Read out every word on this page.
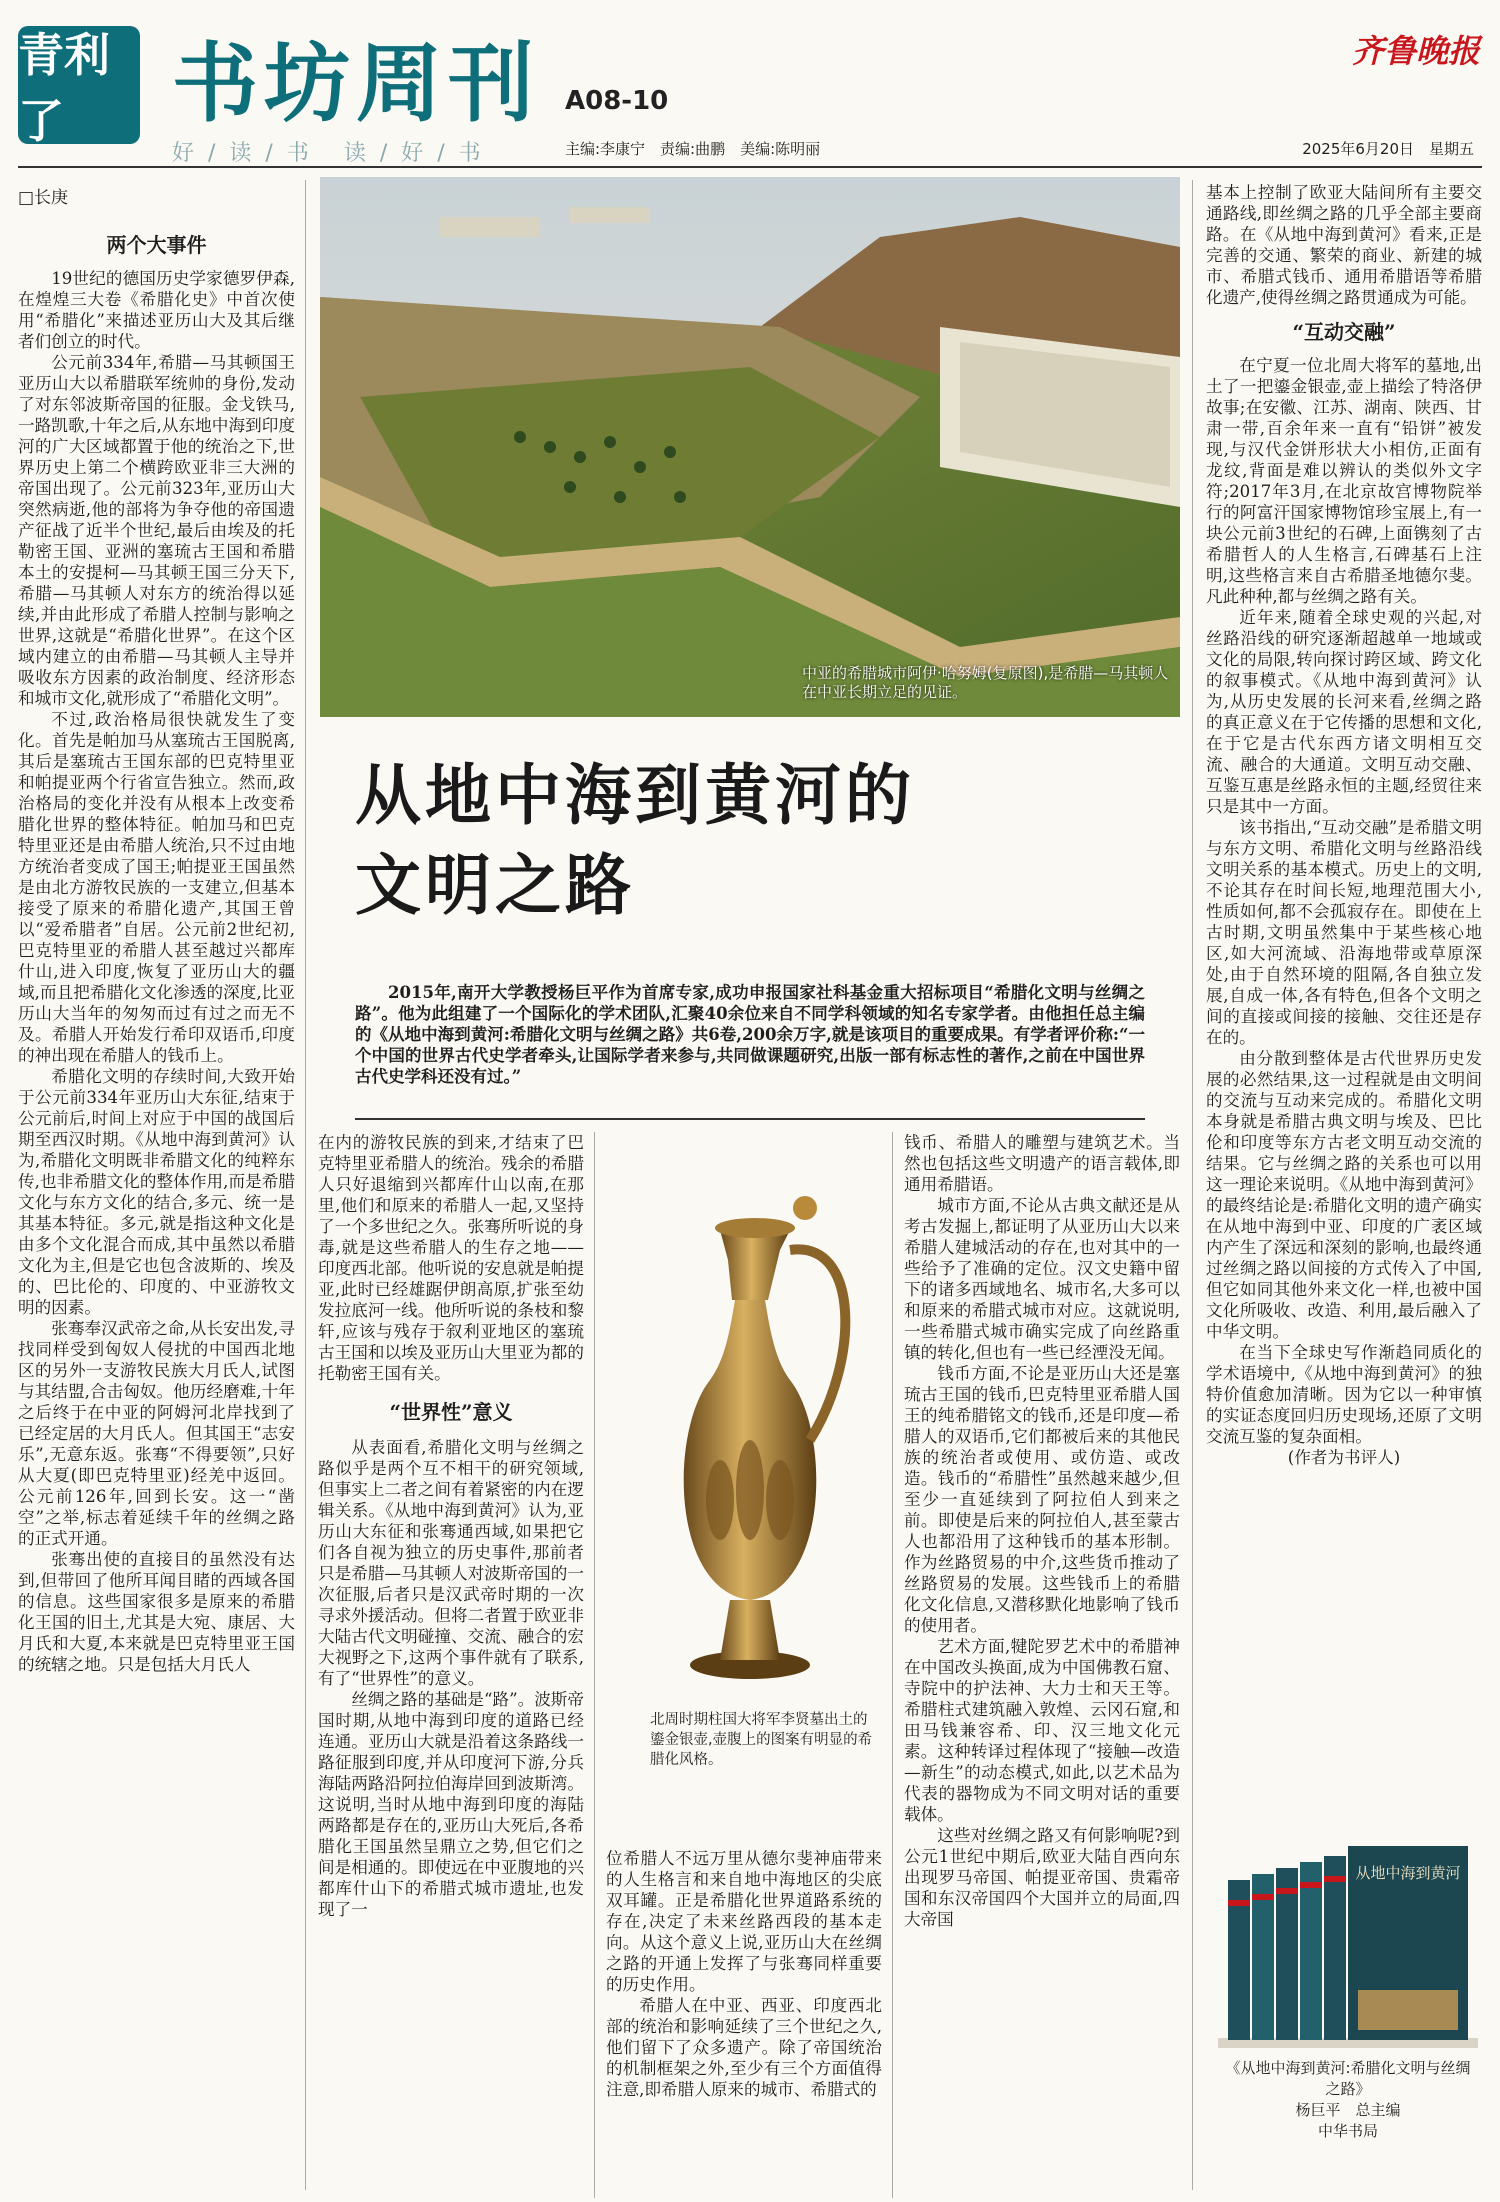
青利了	书坊周刊 A08-10
好/读/书 读/好/书	主编:李康宁　责编:曲鹏　美编:陈明丽
齐鲁晚报
2025年6月20日　星期五

□长庚

两个大事件

19世纪的德国历史学家德罗伊森,在煌煌三大卷《希腊化史》中首次使用“希腊化”来描述亚历山大及其后继者们创立的时代。

公元前334年,希腊—马其顿国王亚历山大以希腊联军统帅的身份,发动了对东邻波斯帝国的征服。金戈铁马,一路凯歌,十年之后,从东地中海到印度河的广大区域都置于他的统治之下,世界历史上第二个横跨欧亚非三大洲的帝国出现了。公元前323年,亚历山大突然病逝,他的部将为争夺他的帝国遗产征战了近半个世纪,最后由埃及的托勒密王国、亚洲的塞琉古王国和希腊本土的安提柯—马其顿王国三分天下,希腊—马其顿人对东方的统治得以延续,并由此形成了希腊人控制与影响之世界,这就是“希腊化世界”。在这个区域内建立的由希腊—马其顿人主导并吸收东方因素的政治制度、经济形态和城市文化,就形成了“希腊化文明”。

不过,政治格局很快就发生了变化。首先是帕加马从塞琉古王国脱离,其后是塞琉古王国东部的巴克特里亚和帕提亚两个行省宣告独立。然而,政治格局的变化并没有从根本上改变希腊化世界的整体特征。帕加马和巴克特里亚还是由希腊人统治,只不过由地方统治者变成了国王;帕提亚王国虽然是由北方游牧民族的一支建立,但基本接受了原来的希腊化遗产,其国王曾以“爱希腊者”自居。公元前2世纪初,巴克特里亚的希腊人甚至越过兴都库什山,进入印度,恢复了亚历山大的疆域,而且把希腊化文化渗透的深度,比亚历山大当年的匆匆而过有过之而无不及。希腊人开始发行希印双语币,印度的神出现在希腊人的钱币上。

希腊化文明的存续时间,大致开始于公元前334年亚历山大东征,结束于公元前后,时间上对应于中国的战国后期至西汉时期。《从地中海到黄河》认为,希腊化文明既非希腊文化的纯粹东传,也非希腊文化的整体作用,而是希腊文化与东方文化的结合,多元、统一是其基本特征。多元,就是指这种文化是由多个文化混合而成,其中虽然以希腊文化为主,但是它也包含波斯的、埃及的、巴比伦的、印度的、中亚游牧文明的因素。

张骞奉汉武帝之命,从长安出发,寻找同样受到匈奴人侵扰的中国西北地区的另外一支游牧民族大月氏人,试图与其结盟,合击匈奴。他历经磨难,十年之后终于在中亚的阿姆河北岸找到了已经定居的大月氏人。但其国王“志安乐”,无意东返。张骞“不得要领”,只好从大夏(即巴克特里亚)经羌中返回。公元前126年,回到长安。这一“凿空”之举,标志着延续千年的丝绸之路的正式开通。

张骞出使的直接目的虽然没有达到,但带回了他所耳闻目睹的西域各国的信息。这些国家很多是原来的希腊化王国的旧土,尤其是大宛、康居、大月氏和大夏,本来就是巴克特里亚王国的统辖之地。只是包括大月氏人

中亚的希腊城市阿伊·哈努姆(复原图),是希腊—马其顿人在中亚长期立足的见证。
从地中海到黄河的
文明之路

2015年,南开大学教授杨巨平作为首席专家,成功申报国家社科基金重大招标项目“希腊化文明与丝绸之路”。他为此组建了一个国际化的学术团队,汇聚40余位来自不同学科领域的知名专家学者。由他担任总主编的《从地中海到黄河:希腊化文明与丝绸之路》共6卷,200余万字,就是该项目的重要成果。有学者评价称:“一个中国的世界古代史学者牵头,让国际学者来参与,共同做课题研究,出版一部有标志性的著作,之前在中国世界古代史学科还没有过。”

在内的游牧民族的到来,才结束了巴克特里亚希腊人的统治。残余的希腊人只好退缩到兴都库什山以南,在那里,他们和原来的希腊人一起,又坚持了一个多世纪之久。张骞所听说的身毒,就是这些希腊人的生存之地——印度西北部。他听说的安息就是帕提亚,此时已经雄踞伊朗高原,扩张至幼发拉底河一线。他所听说的条枝和黎轩,应该与残存于叙利亚地区的塞琉古王国和以埃及亚历山大里亚为都的托勒密王国有关。

“世界性”意义

从表面看,希腊化文明与丝绸之路似乎是两个互不相干的研究领域,但事实上二者之间有着紧密的内在逻辑关系。《从地中海到黄河》认为,亚历山大东征和张骞通西域,如果把它们各自视为独立的历史事件,那前者只是希腊—马其顿人对波斯帝国的一次征服,后者只是汉武帝时期的一次寻求外援活动。但将二者置于欧亚非大陆古代文明碰撞、交流、融合的宏大视野之下,这两个事件就有了联系,有了“世界性”的意义。

丝绸之路的基础是“路”。波斯帝国时期,从地中海到印度的道路已经连通。亚历山大就是沿着这条路线一路征服到印度,并从印度河下游,分兵海陆两路沿阿拉伯海岸回到波斯湾。这说明,当时从地中海到印度的海陆两路都是存在的,亚历山大死后,各希腊化王国虽然呈鼎立之势,但它们之间是相通的。即使远在中亚腹地的兴都库什山下的希腊式城市遗址,也发现了一

北周时期柱国大将军李贤墓出土的鎏金银壶,壶腹上的图案有明显的希腊化风格。

位希腊人不远万里从德尔斐神庙带来的人生格言和来自地中海地区的尖底双耳罐。正是希腊化世界道路系统的存在,决定了未来丝路西段的基本走向。从这个意义上说,亚历山大在丝绸之路的开通上发挥了与张骞同样重要的历史作用。

希腊人在中亚、西亚、印度西北部的统治和影响延续了三个世纪之久,他们留下了众多遗产。除了帝国统治的机制框架之外,至少有三个方面值得注意,即希腊人原来的城市、希腊式的

钱币、希腊人的雕塑与建筑艺术。当然也包括这些文明遗产的语言载体,即通用希腊语。

城市方面,不论从古典文献还是从考古发掘上,都证明了从亚历山大以来希腊人建城活动的存在,也对其中的一些给予了准确的定位。汉文史籍中留下的诸多西域地名、城市名,大多可以和原来的希腊式城市对应。这就说明,一些希腊式城市确实完成了向丝路重镇的转化,但也有一些已经湮没无闻。

钱币方面,不论是亚历山大还是塞琉古王国的钱币,巴克特里亚希腊人国王的纯希腊铭文的钱币,还是印度—希腊人的双语币,它们都被后来的其他民族的统治者或使用、或仿造、或改造。钱币的“希腊性”虽然越来越少,但至少一直延续到了阿拉伯人到来之前。即使是后来的阿拉伯人,甚至蒙古人也都沿用了这种钱币的基本形制。作为丝路贸易的中介,这些货币推动了丝路贸易的发展。这些钱币上的希腊化文化信息,又潜移默化地影响了钱币的使用者。

艺术方面,犍陀罗艺术中的希腊神在中国改头换面,成为中国佛教石窟、寺院中的护法神、大力士和天王等。希腊柱式建筑融入敦煌、云冈石窟,和田马钱兼容希、印、汉三地文化元素。这种转译过程体现了“接触—改造—新生”的动态模式,如此,以艺术品为代表的器物成为不同文明对话的重要载体。

这些对丝绸之路又有何影响呢?到公元1世纪中期后,欧亚大陆自西向东出现罗马帝国、帕提亚帝国、贵霜帝国和东汉帝国四个大国并立的局面,四大帝国

基本上控制了欧亚大陆间所有主要交通路线,即丝绸之路的几乎全部主要商路。在《从地中海到黄河》看来,正是完善的交通、繁荣的商业、新建的城市、希腊式钱币、通用希腊语等希腊化遗产,使得丝绸之路贯通成为可能。

“互动交融”

在宁夏一位北周大将军的墓地,出土了一把鎏金银壶,壶上描绘了特洛伊故事;在安徽、江苏、湖南、陕西、甘肃一带,百余年来一直有“铅饼”被发现,与汉代金饼形状大小相仿,正面有龙纹,背面是难以辨认的类似外文字符;2017年3月,在北京故宫博物院举行的阿富汗国家博物馆珍宝展上,有一块公元前3世纪的石碑,上面镌刻了古希腊哲人的人生格言,石碑基石上注明,这些格言来自古希腊圣地德尔斐。凡此种种,都与丝绸之路有关。

近年来,随着全球史观的兴起,对丝路沿线的研究逐渐超越单一地域或文化的局限,转向探讨跨区域、跨文化的叙事模式。《从地中海到黄河》认为,从历史发展的长河来看,丝绸之路的真正意义在于它传播的思想和文化,在于它是古代东西方诸文明相互交流、融合的大通道。文明互动交融、互鉴互惠是丝路永恒的主题,经贸往来只是其中一方面。

该书指出,“互动交融”是希腊文明与东方文明、希腊化文明与丝路沿线文明关系的基本模式。历史上的文明,不论其存在时间长短,地理范围大小,性质如何,都不会孤寂存在。即使在上古时期,文明虽然集中于某些核心地区,如大河流域、沿海地带或草原深处,由于自然环境的阻隔,各自独立发展,自成一体,各有特色,但各个文明之间的直接或间接的接触、交往还是存在的。

由分散到整体是古代世界历史发展的必然结果,这一过程就是由文明间的交流与互动来完成的。希腊化文明本身就是希腊古典文明与埃及、巴比伦和印度等东方古老文明互动交流的结果。它与丝绸之路的关系也可以用这一理论来说明。《从地中海到黄河》的最终结论是:希腊化文明的遗产确实在从地中海到中亚、印度的广袤区域内产生了深远和深刻的影响,也最终通过丝绸之路以间接的方式传入了中国,但它如同其他外来文化一样,也被中国文化所吸收、改造、利用,最后融入了中华文明。

在当下全球史写作渐趋同质化的学术语境中,《从地中海到黄河》的独特价值愈加清晰。因为它以一种审慎的实证态度回归历史现场,还原了文明交流互鉴的复杂面相。

(作者为书评人)

从地中海到黄河
《从地中海到黄河:希腊化文明与丝绸之路》
杨巨平　总主编
中华书局
